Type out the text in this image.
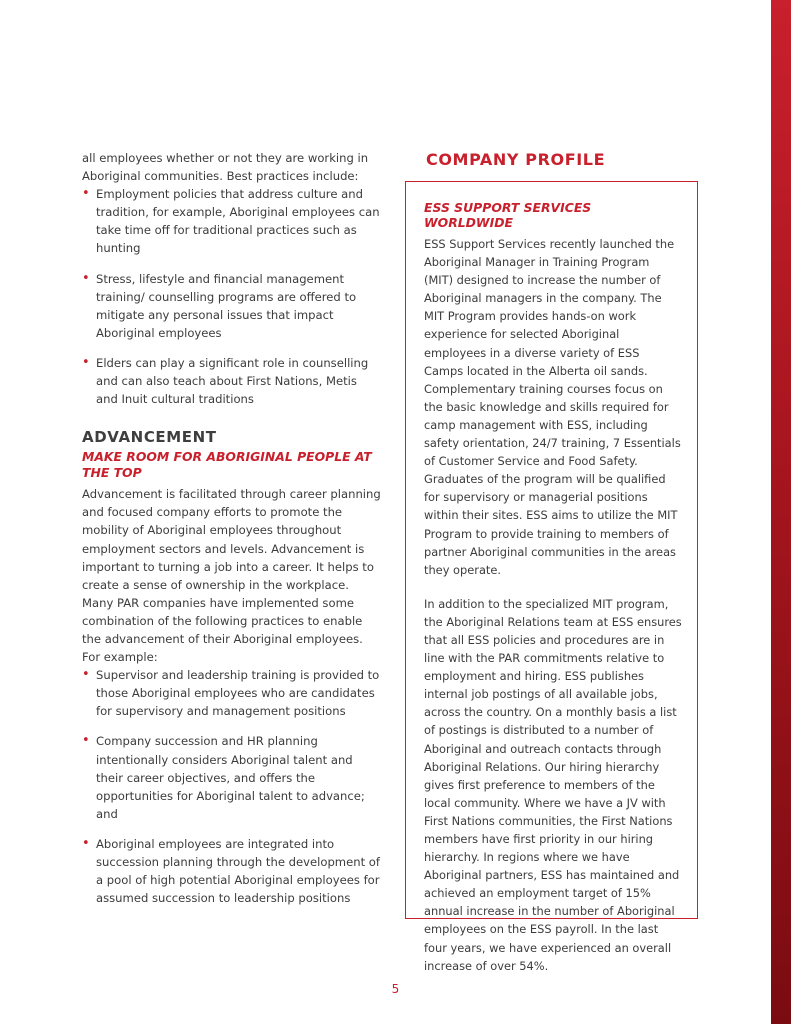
all employees whether or not they are working in Aboriginal communities. Best practices include:

• Employment policies that address culture and tradition, for example, Aboriginal employees can take time off for traditional practices such as hunting
• Stress, lifestyle and financial management training/ counselling programs are offered to mitigate any personal issues that impact Aboriginal employees
• Elders can play a significant role in counselling and can also teach about First Nations, Metis and Inuit cultural traditions
ADVANCEMENT
MAKE ROOM FOR ABORIGINAL PEOPLE AT THE TOP

Advancement is facilitated through career planning and focused company efforts to promote the mobility of Aboriginal employees throughout employment sectors and levels. Advancement is important to turning a job into a career. It helps to create a sense of ownership in the workplace. Many PAR companies have implemented some combination of the following practices to enable the advancement of their Aboriginal employees. For example:

• Supervisor and leadership training is provided to those Aboriginal employees who are candidates for supervisory and management positions
• Company succession and HR planning intentionally considers Aboriginal talent and their career objectives, and offers the opportunities for Aboriginal talent to advance; and
• Aboriginal employees are integrated into succession planning through the development of a pool of high potential Aboriginal employees for assumed succession to leadership positions
COMPANY PROFILE
ESS SUPPORT SERVICES WORLDWIDE

ESS Support Services recently launched the Aboriginal Manager in Training Program (MIT) designed to increase the number of Aboriginal managers in the company. The MIT Program provides hands-on work experience for selected Aboriginal employees in a diverse variety of ESS Camps located in the Alberta oil sands. Complementary training courses focus on the basic knowledge and skills required for camp management with ESS, including safety orientation, 24/7 training, 7 Essentials of Customer Service and Food Safety. Graduates of the program will be qualified for supervisory or managerial positions within their sites. ESS aims to utilize the MIT Program to provide training to members of partner Aboriginal communities in the areas they operate.

In addition to the specialized MIT program, the Aboriginal Relations team at ESS ensures that all ESS policies and procedures are in line with the PAR commitments relative to employment and hiring. ESS publishes internal job postings of all available jobs, across the country. On a monthly basis a list of postings is distributed to a number of Aboriginal and outreach contacts through Aboriginal Relations. Our hiring hierarchy gives first preference to members of the local community. Where we have a JV with First Nations communities, the First Nations members have first priority in our hiring hierarchy. In regions where we have Aboriginal partners, ESS has maintained and achieved an employment target of 15% annual increase in the number of Aboriginal employees on the ESS payroll. In the last four years, we have experienced an overall increase of over 54%.

5
